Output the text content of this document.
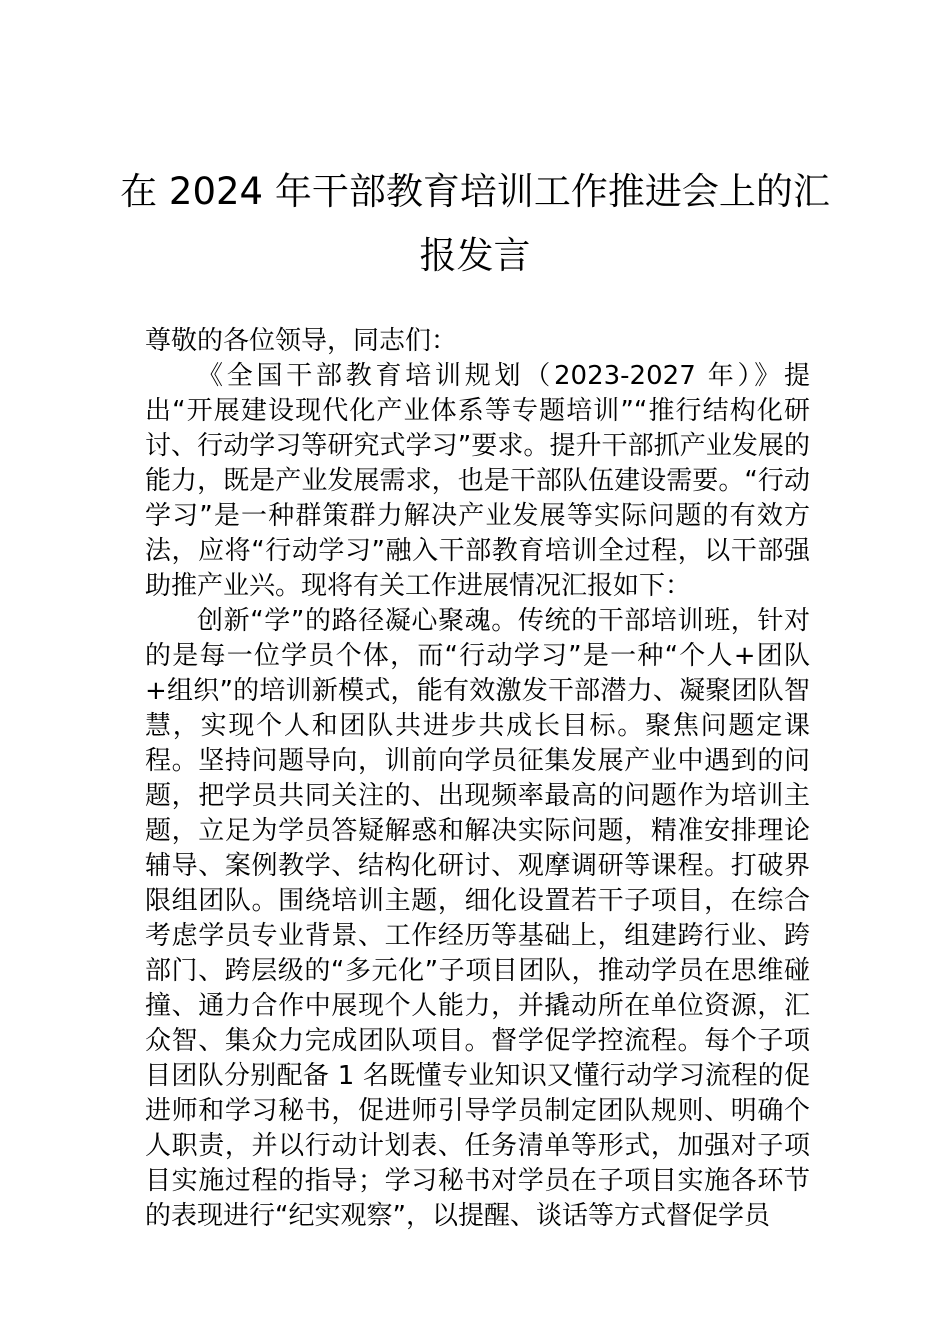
在 2024 年干部教育培训工作推进会上的汇报发言

尊敬的各位领导，同志们：

《全国干部教育培训规划（2023-2027 年）》提出“开展建设现代化产业体系等专题培训”“推行结构化研讨、行动学习等研究式学习”要求。提升干部抓产业发展的能力，既是产业发展需求，也是干部队伍建设需要。“行动学习”是一种群策群力解决产业发展等实际问题的有效方法，应将“行动学习”融入干部教育培训全过程，以干部强助推产业兴。现将有关工作进展情况汇报如下：

创新“学”的路径凝心聚魂。传统的干部培训班，针对的是每一位学员个体，而“行动学习”是一种“个人+团队+组织”的培训新模式，能有效激发干部潜力、凝聚团队智慧，实现个人和团队共进步共成长目标。聚焦问题定课程。坚持问题导向，训前向学员征集发展产业中遇到的问题，把学员共同关注的、出现频率最高的问题作为培训主题，立足为学员答疑解惑和解决实际问题，精准安排理论辅导、案例教学、结构化研讨、观摩调研等课程。打破界限组团队。围绕培训主题，细化设置若干子项目，在综合考虑学员专业背景、工作经历等基础上，组建跨行业、跨部门、跨层级的“多元化”子项目团队，推动学员在思维碰撞、通力合作中展现个人能力，并撬动所在单位资源，汇众智、集众力完成团队项目。督学促学控流程。每个子项目团队分别配备 1 名既懂专业知识又懂行动学习流程的促进师和学习秘书，促进师引导学员制定团队规则、明确个人职责，并以行动计划表、任务清单等形式，加强对子项目实施过程的指导；学习秘书对学员在子项目实施各环节的表现进行“纪实观察”，以提醒、谈话等方式督促学员
